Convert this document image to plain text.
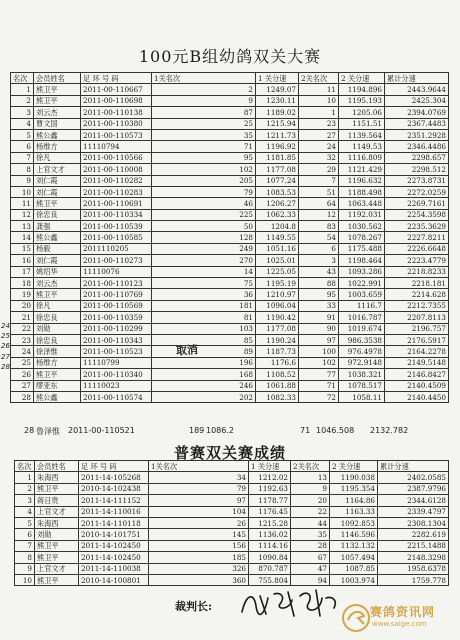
100元B组幼鸽双关大赛
名次	会员姓名	足 环 号 码	1关名次	1 关分速	2关名次	2 关分速	累计分速
1	熊卫平	2011-00-110667	2	1249.07	11	1194.896	2443.9644
2	熊卫平	2011-00-110698	9	1230.11	10	1195.193	2425.304
3	刘云杰	2011-00-110138	87	1189.02	1	1205.06	2394.0769
4	曹文国	2011-00-110380	25	1215.94	23	1151.51	2367.4483
5	熊公鑫	2011-00-110573	35	1211.73	27	1139.564	2351.2928
6	杨维方	11110794	71	1196.92	24	1149.53	2346.4486
7	徐凡	2011-00-110566	95	1181.85	32	1116.809	2298.657
8	上官文才	2011-00-110008	102	1177.08	29	1121.429	2298.512
9	刘仁霞	2011-00-110282	205	1077.24	7	1196.632	2273.8731
10	刘仁霞	2011-00-110283	79	1083.53	51	1188.498	2272.0259
11	熊卫平	2011-00-110691	46	1206.27	64	1063.448	2269.7161
12	徐忠良	2011-00-110334	225	1062.33	12	1192.031	2254.3598
13	龚强	2011-00-110539	50	1204.8	83	1030.562	2235.3629
14	熊公鑫	2011-00-110585	128	1149.55	54	1078.267	2227.8211
15	杨毅	2011110205	249	1051.16	6	1175.488	2226.6648
16	刘仁霞	2011-00-110273	270	1025.01	3	1198.464	2223.4779
17	姚绍华	11110076	14	1225.05	43	1093.286	2218.8233
18	刘云杰	2011-00-110123	75	1195.19	88	1022.991	2218.181
19	熊卫平	2011-00-110769	36	1210.97	95	1003.659	2214.628
20	徐凡	2011-00-110569	181	1096.04	33	1116.7	2212.7355
21	徐忠良	2011-00-110359	81	1190.42	91	1016.787	2207.8113
22	刘勋	2011-00-110299	103	1177.08	90	1019.674	2196.757
23	徐忠良	2011-00-110343	85	1190.24	97	986.3538	2176.5917
24	徐泽惟	2011-00-110523	89	1187.73	100	976.4978	2164.2278
25	杨维方	11110799	196	1176.6	102	972.9148	2149.5148
26	熊卫平	2011-00-110340	168	1108.52	77	1038.321	2146.8427
27	缪亚东	11110023	246	1061.88	71	1078.517	2140.4509
28	熊公鑫	2011-00-110574	202	1082.33	72	1058.11	2140.4450
取消
28 鲁泽惟 2011-00-110521	189 1086.2	71 1046.508 2132.782
普赛双关赛成绩
名次	会员姓名	足 环 号 码	1关名次	1 关分速	2关名次	2 关分速	累计分速
1	朱海西	2011-14-105268	34	1212.02	13	1190.038	2402.0585
2	熊卫平	2010-14-102438	79	1192.63	9	1195.354	2387.9796
3	蒋日贵	2011-14-111152	97	1178.77	20	1164.86	2344.6128
4	上官文才	2011-14-110016	104	1176.45	22	1163.33	2339.4797
5	朱海西	2011-14-110118	26	1215.28	44	1092.853	2308.1304
6	刘勋	2010-14-101751	145	1136.02	35	1146.596	2282.619
7	熊卫平	2011-14-102450	156	1114.16	28	1132.132	2215.1488
8	熊卫平	2011-14-102450	185	1090.84	67	1057.494	2148.3298
9	上官文才	2011-14-110038	326	870.787	47	1087.85	1958.6378
10	熊卫平	2010-14-100801	360	755.804	94	1003.974	1759.778
裁判长:	赛鸽资讯网
www.saige.com
24
25
26
27
28
